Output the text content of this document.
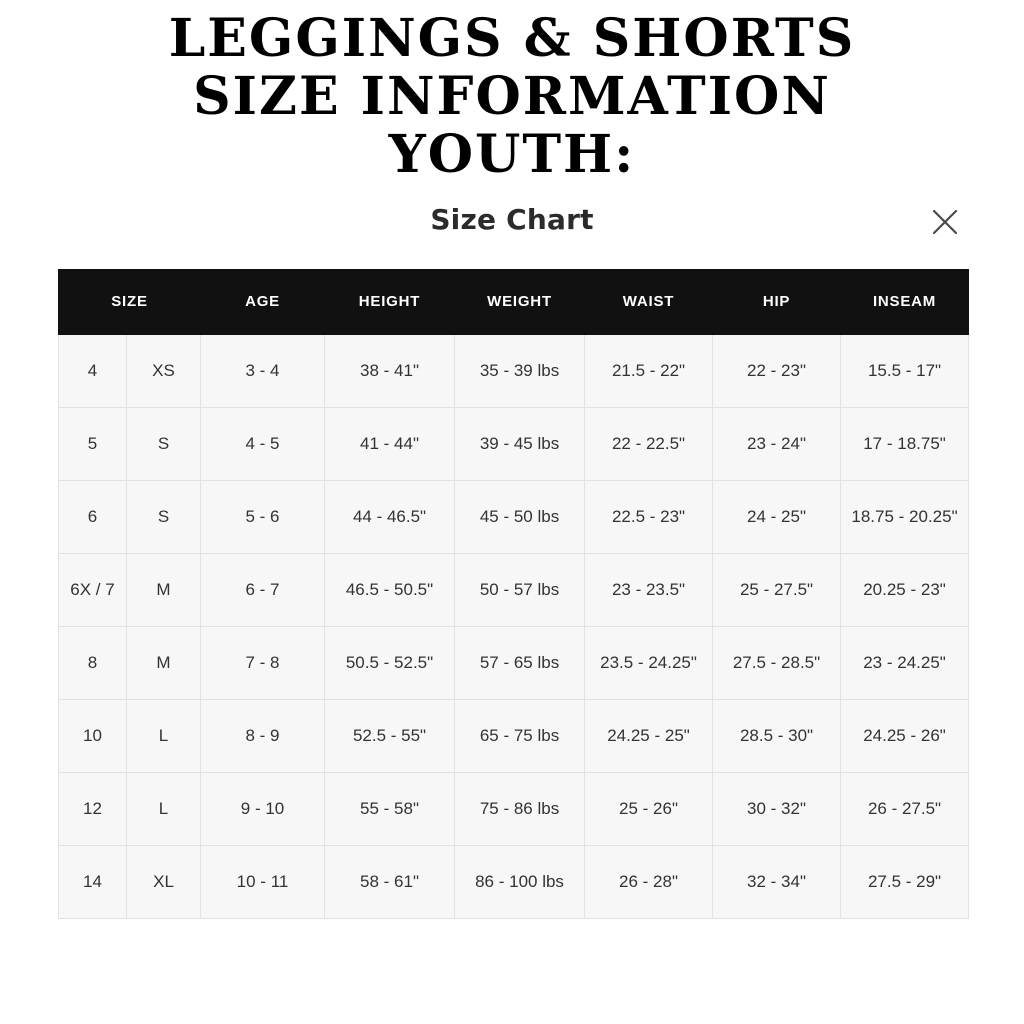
LEGGINGS & SHORTS
SIZE INFORMATION
YOUTH:
Size Chart
SIZE		AGE	HEIGHT	WEIGHT	WAIST	HIP	INSEAM
4	XS	3 - 4	38 - 41"	35 - 39 lbs	21.5 - 22"	22 - 23"	15.5 - 17"
5	S	4 - 5	41 - 44"	39 - 45 lbs	22 - 22.5"	23 - 24"	17 - 18.75"
6	S	5 - 6	44 - 46.5"	45 - 50 lbs	22.5 - 23"	24 - 25"	18.75 - 20.25"
6X / 7	M	6 - 7	46.5 - 50.5"	50 - 57 lbs	23 - 23.5"	25 - 27.5"	20.25 - 23"
8	M	7 - 8	50.5 - 52.5"	57 - 65 lbs	23.5 - 24.25"	27.5 - 28.5"	23 - 24.25"
10	L	8 - 9	52.5 - 55"	65 - 75 lbs	24.25 - 25"	28.5 - 30"	24.25 - 26"
12	L	9 - 10	55 - 58"	75 - 86 lbs	25 - 26"	30 - 32"	26 - 27.5"
14	XL	10 - 11	58 - 61"	86 - 100 lbs	26 - 28"	32 - 34"	27.5 - 29"
